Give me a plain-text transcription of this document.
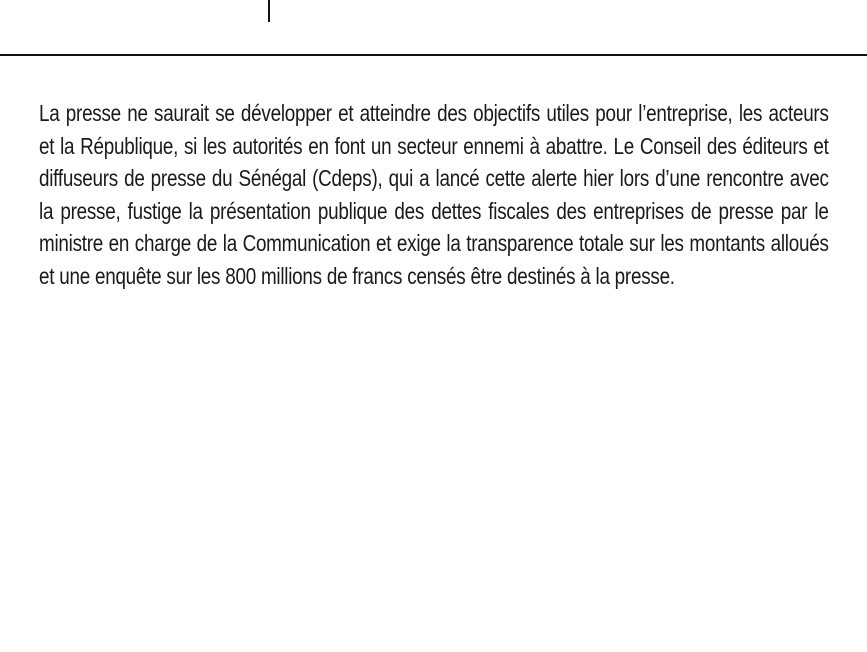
La presse ne saurait se développer et atteindre des objectifs utiles pour l’entreprise, les acteurs et la République, si les autorités en font un secteur ennemi à abattre. Le Conseil des éditeurs et diffuseurs de presse du Sénégal (Cdeps), qui a lancé cette alerte hier lors d’une rencontre avec la presse, fustige la présentation publique des dettes fiscales des entreprises de presse par le ministre en charge de la Communication et exige la transparence totale sur les montants alloués et une enquête sur les 800 millions de francs censés être destinés à la presse.
